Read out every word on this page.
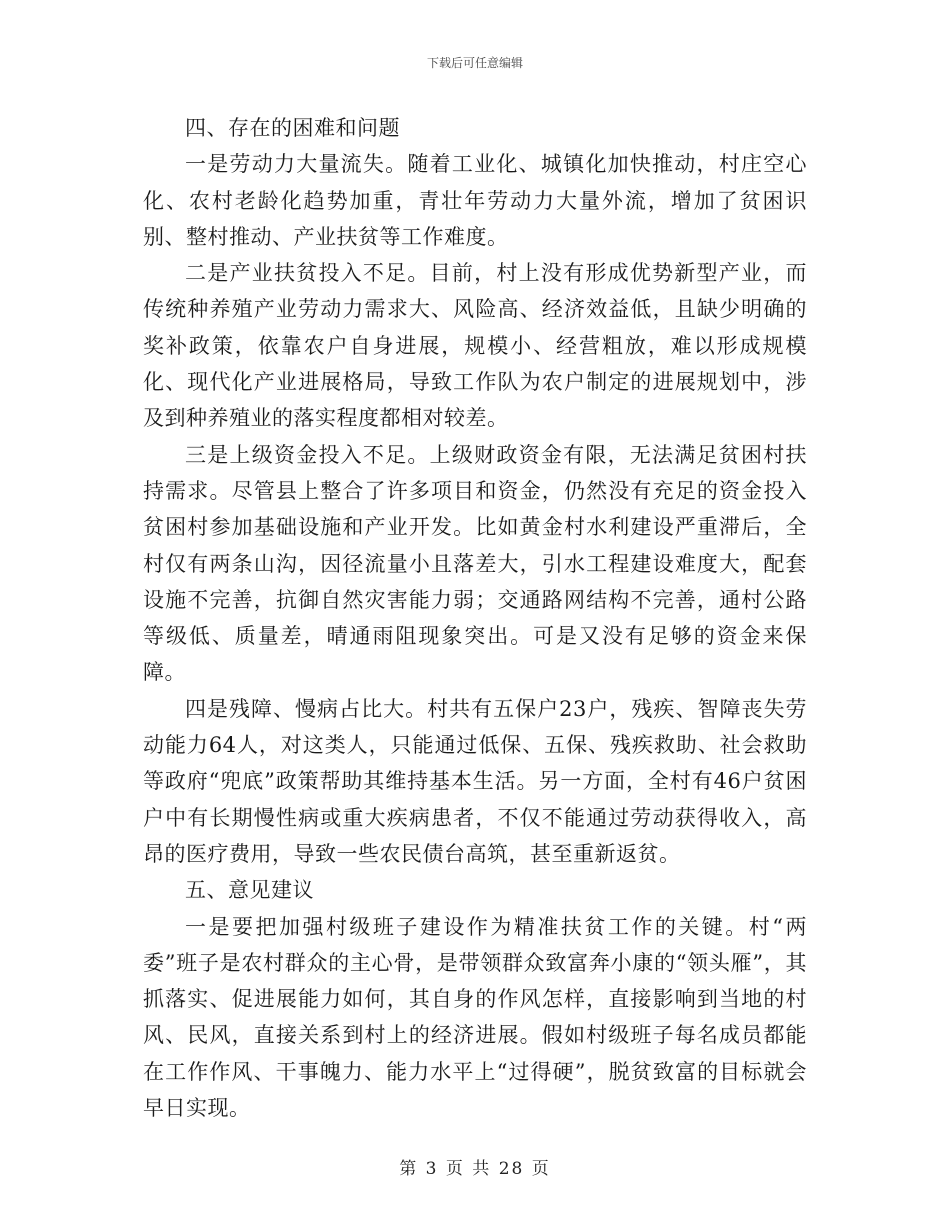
下载后可任意编辑

四、存在的困难和问题

一是劳动力大量流失。随着工业化、城镇化加快推动，村庄空心化、农村老龄化趋势加重，青壮年劳动力大量外流，增加了贫困识别、整村推动、产业扶贫等工作难度。

二是产业扶贫投入不足。目前，村上没有形成优势新型产业，而传统种养殖产业劳动力需求大、风险高、经济效益低，且缺少明确的奖补政策，依靠农户自身进展，规模小、经营粗放，难以形成规模化、现代化产业进展格局，导致工作队为农户制定的进展规划中，涉及到种养殖业的落实程度都相对较差。

三是上级资金投入不足。上级财政资金有限，无法满足贫困村扶持需求。尽管县上整合了许多项目和资金，仍然没有充足的资金投入贫困村参加基础设施和产业开发。比如黄金村水利建设严重滞后，全村仅有两条山沟，因径流量小且落差大，引水工程建设难度大，配套设施不完善，抗御自然灾害能力弱；交通路网结构不完善，通村公路等级低、质量差，晴通雨阻现象突出。可是又没有足够的资金来保障。

四是残障、慢病占比大。村共有五保户23户，残疾、智障丧失劳动能力64人，对这类人，只能通过低保、五保、残疾救助、社会救助等政府“兜底”政策帮助其维持基本生活。另一方面，全村有46户贫困户中有长期慢性病或重大疾病患者，不仅不能通过劳动获得收入，高昂的医疗费用，导致一些农民债台高筑，甚至重新返贫。

五、意见建议

一是要把加强村级班子建设作为精准扶贫工作的关键。村“两委”班子是农村群众的主心骨，是带领群众致富奔小康的“领头雁”，其抓落实、促进展能力如何，其自身的作风怎样，直接影响到当地的村风、民风，直接关系到村上的经济进展。假如村级班子每名成员都能在工作作风、干事魄力、能力水平上“过得硬”，脱贫致富的目标就会早日实现。

第 3 页 共 28 页
